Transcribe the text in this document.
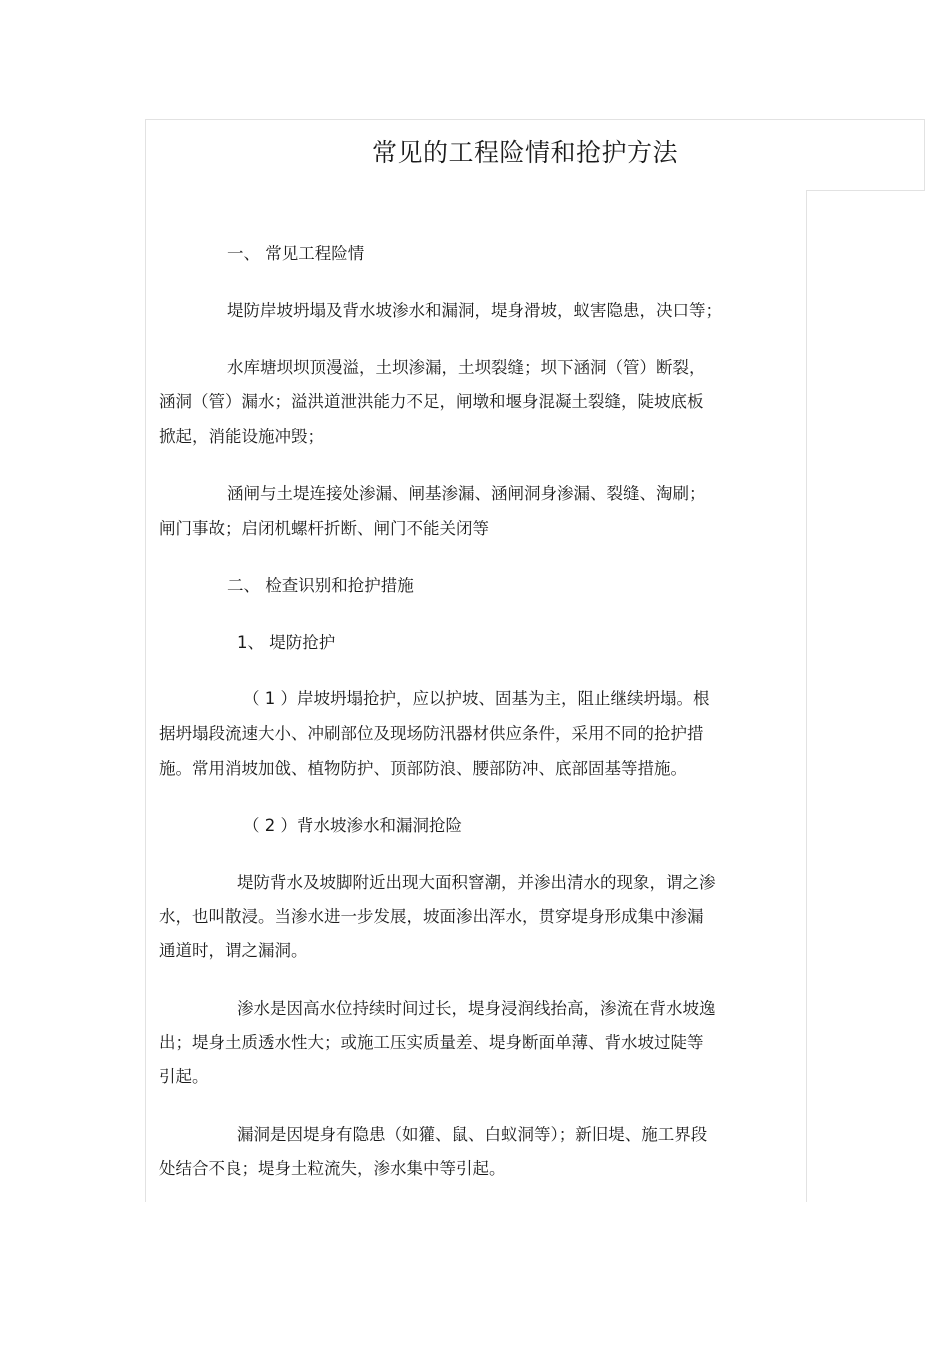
常见的工程险情和抢护方法
一、 常见工程险情
堤防岸坡坍塌及背水坡渗水和漏洞，堤身滑坡，蚁害隐患，决口等；
水库塘坝坝顶漫溢，土坝渗漏，土坝裂缝；坝下涵洞（管）断裂，
涵洞（管）漏水；溢洪道泄洪能力不足，闸墩和堰身混凝土裂缝，陡坡底板
掀起，消能设施冲毁；
涵闸与土堤连接处渗漏、闸基渗漏、涵闸洞身渗漏、裂缝、淘刷；
闸门事故；启闭机螺杆折断、闸门不能关闭等
二、 检查识别和抢护措施
1、 堤防抢护
（ 1 ）岸坡坍塌抢护，应以护坡、固基为主，阻止继续坍塌。根
据坍塌段流速大小、冲刷部位及现场防汛器材供应条件，采用不同的抢护措
施。常用消坡加戗、植物防护、顶部防浪、腰部防冲、底部固基等措施。
（ 2 ）背水坡渗水和漏洞抢险
堤防背水及坡脚附近出现大面积窨潮，并渗出清水的现象，谓之渗
水，也叫散浸。当渗水进一步发展，坡面渗出浑水，贯穿堤身形成集中渗漏
通道时，谓之漏洞。
渗水是因高水位持续时间过长，堤身浸润线抬高，渗流在背水坡逸
出；堤身土质透水性大；或施工压实质量差、堤身断面单薄、背水坡过陡等
引起。
漏洞是因堤身有隐患（如獾、鼠、白蚁洞等）；新旧堤、施工界段
处结合不良；堤身土粒流失，渗水集中等引起。
